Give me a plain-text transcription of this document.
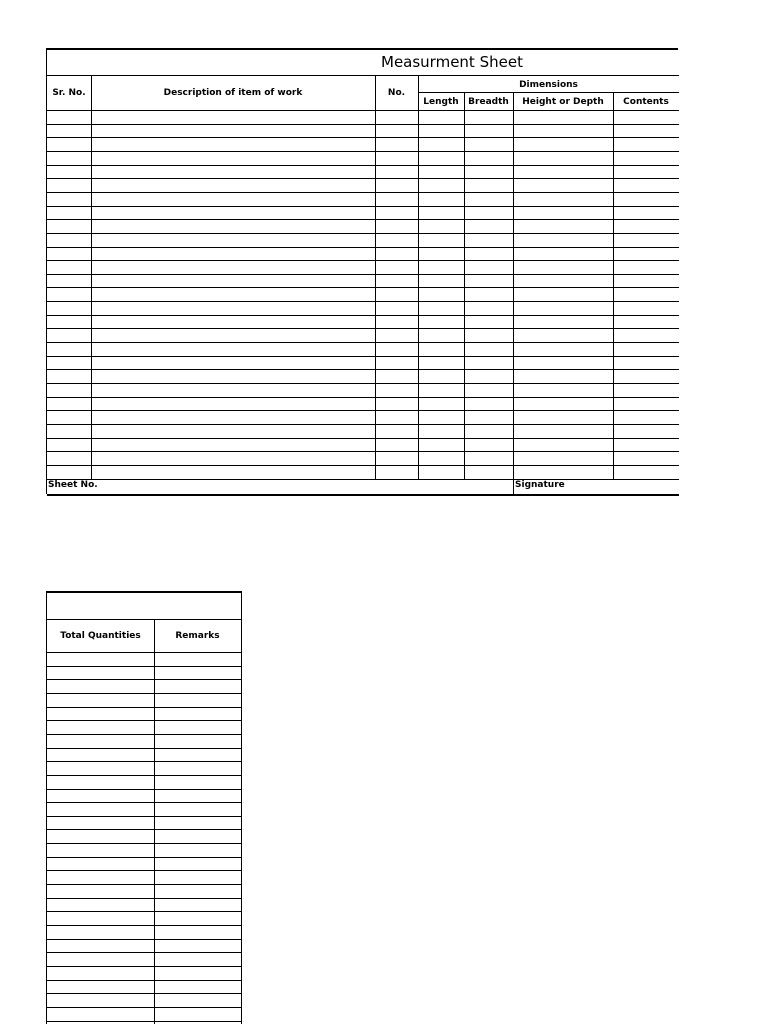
Measurment Sheet
Sr. No.	Description of item of work	No.
Dimensions
Length	Breadth	Height or Depth	Contents
Sheet No.	Signature
Total Quantities	Remarks
